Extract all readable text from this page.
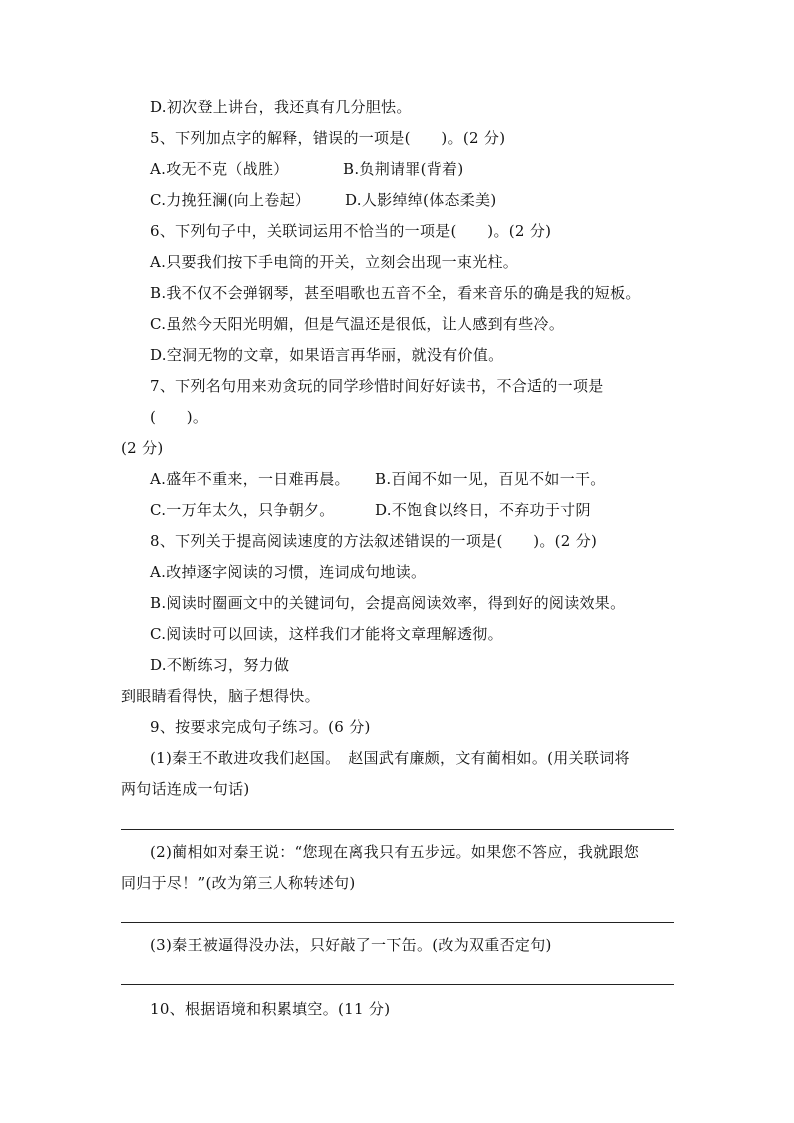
D.初次登上讲台，我还真有几分胆怯。
5、下列加点字的解释，错误的一项是(　　)。(2 分)
A.攻无不克（战胜）	B.负荆请罪(背着)
C.力挽狂澜(向上卷起） D.人影绰绰(体态柔美)
6、下列句子中，关联词运用不恰当的一项是(　　)。(2 分)
A.只要我们按下手电筒的开关，立刻会出现一束光柱。
B.我不仅不会弹钢琴，甚至唱歌也五音不全，看来音乐的确是我的短板。
C.虽然今天阳光明媚，但是气温还是很低，让人感到有些冷。
D.空洞无物的文章，如果语言再华丽，就没有价值。
7、下列名句用来劝贪玩的同学珍惜时间好好读书，不合适的一项是
(　　)。
(2 分)
A.盛年不重来，一日难再晨。 B.百闻不如一见，百见不如一干。
C.一万年太久，只争朝夕。	D.不饱食以终日，不弃功于寸阴
8、下列关于提高阅读速度的方法叙述错误的一项是(　　)。(2 分)
A.改掉逐字阅读的习惯，连词成句地读。
B.阅读时圈画文中的关键词句，会提高阅读效率，得到好的阅读效果。
C.阅读时可以回读，这样我们才能将文章理解透彻。
D.不断练习，努力做
到眼睛看得快，脑子想得快。
9、按要求完成句子练习。(6 分)
(1)秦王不敢进攻我们赵国。　赵国武有廉颇，文有蔺相如。(用关联词将
两句话连成一句话)
(2)蔺相如对秦王说：“您现在离我只有五步远。如果您不答应，我就跟您
同归于尽！”(改为第三人称转述句)
(3)秦王被逼得没办法，只好敲了一下缶。(改为双重否定句)
10、根据语境和积累填空。(11 分)
